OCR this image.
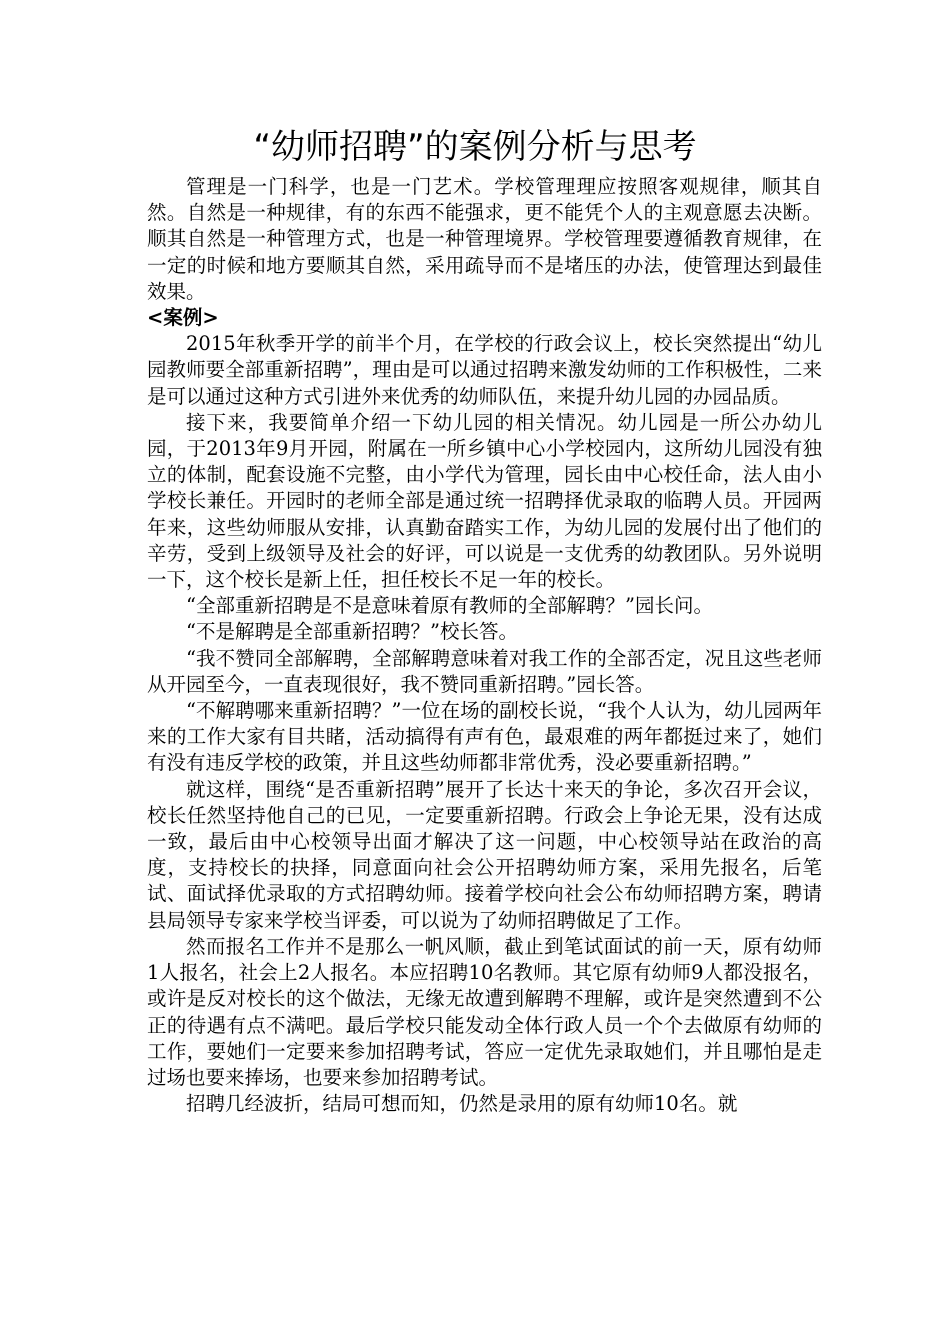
“幼师招聘”的案例分析与思考

管理是一门科学，也是一门艺术。学校管理理应按照客观规律，顺其自然。自然是一种规律，有的东西不能强求，更不能凭个人的主观意愿去决断。顺其自然是一种管理方式，也是一种管理境界。学校管理要遵循教育规律，在一定的时候和地方要顺其自然，采用疏导而不是堵压的办法，使管理达到最佳效果。

<案例>

2015年秋季开学的前半个月，在学校的行政会议上，校长突然提出“幼儿园教师要全部重新招聘”，理由是可以通过招聘来激发幼师的工作积极性，二来是可以通过这种方式引进外来优秀的幼师队伍，来提升幼儿园的办园品质。

接下来，我要简单介绍一下幼儿园的相关情况。幼儿园是一所公办幼儿园，于2013年9月开园，附属在一所乡镇中心小学校园内，这所幼儿园没有独立的体制，配套设施不完整，由小学代为管理，园长由中心校任命，法人由小学校长兼任。开园时的老师全部是通过统一招聘择优录取的临聘人员。开园两年来，这些幼师服从安排，认真勤奋踏实工作，为幼儿园的发展付出了他们的辛劳，受到上级领导及社会的好评，可以说是一支优秀的幼教团队。另外说明一下，这个校长是新上任，担任校长不足一年的校长。

“全部重新招聘是不是意味着原有教师的全部解聘？”园长问。

“不是解聘是全部重新招聘？”校长答。

“我不赞同全部解聘，全部解聘意味着对我工作的全部否定，况且这些老师从开园至今，一直表现很好，我不赞同重新招聘。”园长答。

“不解聘哪来重新招聘？”一位在场的副校长说，“我个人认为，幼儿园两年来的工作大家有目共睹，活动搞得有声有色，最艰难的两年都挺过来了，她们有没有违反学校的政策，并且这些幼师都非常优秀，没必要重新招聘。”

就这样，围绕“是否重新招聘”展开了长达十来天的争论，多次召开会议，校长任然坚持他自己的已见，一定要重新招聘。行政会上争论无果，没有达成一致，最后由中心校领导出面才解决了这一问题，中心校领导站在政治的高度，支持校长的抉择，同意面向社会公开招聘幼师方案，采用先报名，后笔试、面试择优录取的方式招聘幼师。接着学校向社会公布幼师招聘方案，聘请县局领导专家来学校当评委，可以说为了幼师招聘做足了工作。

然而报名工作并不是那么一帆风顺，截止到笔试面试的前一天，原有幼师1人报名，社会上2人报名。本应招聘10名教师。其它原有幼师9人都没报名，或许是反对校长的这个做法，无缘无故遭到解聘不理解，或许是突然遭到不公正的待遇有点不满吧。最后学校只能发动全体行政人员一个个去做原有幼师的工作，要她们一定要来参加招聘考试，答应一定优先录取她们，并且哪怕是走过场也要来捧场，也要来参加招聘考试。

招聘几经波折，结局可想而知，仍然是录用的原有幼师10名。就
